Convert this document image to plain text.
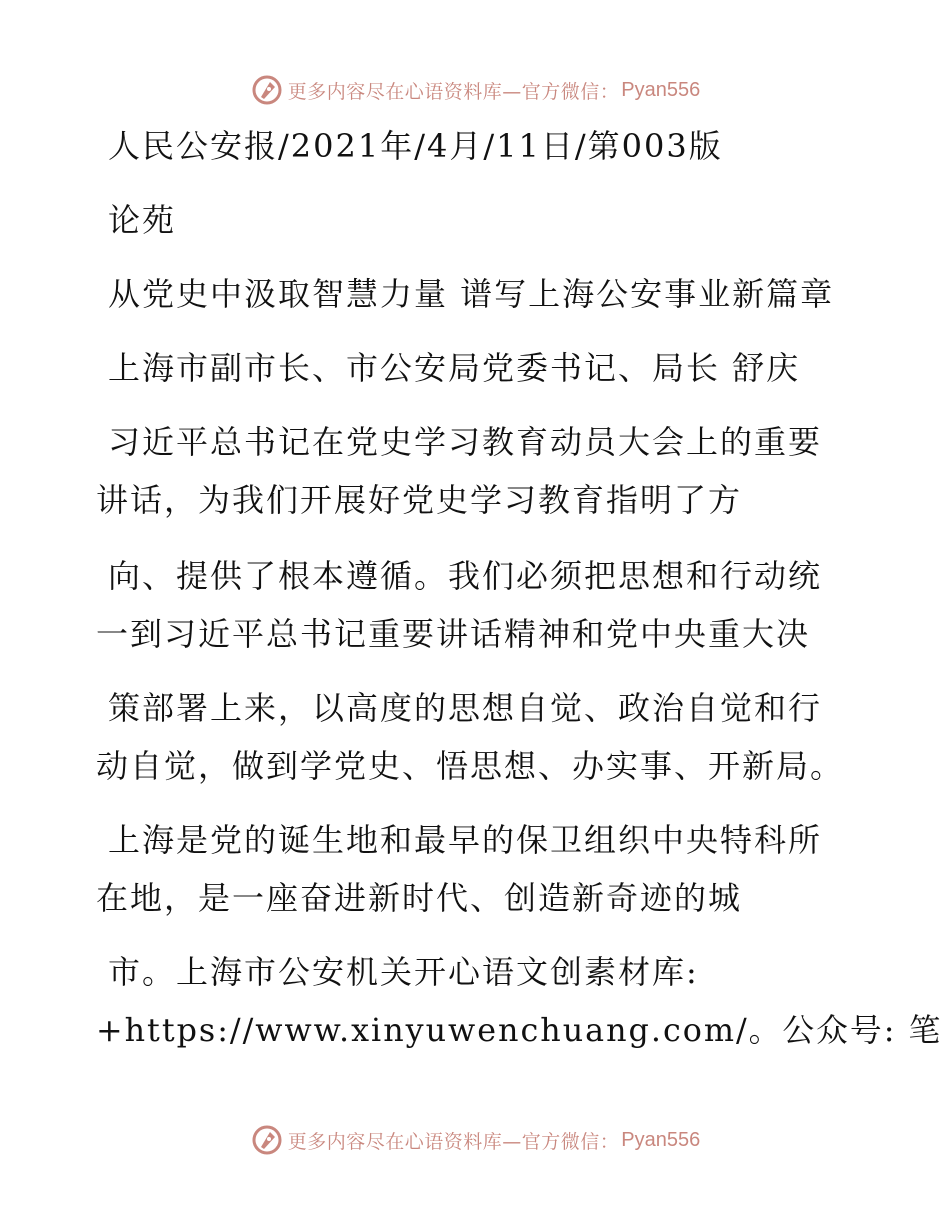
更多内容尽在心语资料库—官方微信： Pyan556
人民公安报/2021年/4月/11日/第003版
论苑
从党史中汲取智慧力量 谱写上海公安事业新篇章
上海市副市长、市公安局党委书记、局长 舒庆
习近平总书记在党史学习教育动员大会上的重要
讲话，为我们开展好党史学习教育指明了方
向、提供了根本遵循。我们必须把思想和行动统
一到习近平总书记重要讲话精神和党中央重大决
策部署上来，以高度的思想自觉、政治自觉和行
动自觉，做到学党史、悟思想、办实事、开新局。
上海是党的诞生地和最早的保卫组织中央特科所
在地，是一座奋进新时代、创造新奇迹的城
市。上海市公安机关开心语文创素材库:
+https://www.xinyuwenchuang.com/。公众号: 笔
更多内容尽在心语资料库—官方微信： Pyan556
